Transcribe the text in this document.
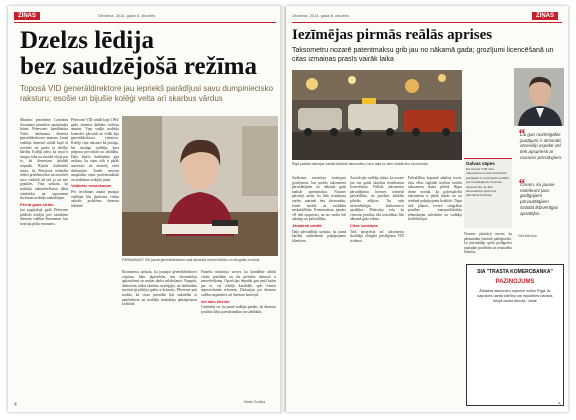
ZIŅAS	Otrdiena, 2014. gada 8. oktobris
Dzelzs lēdija
bez saudzējošā režīma
Toposā VID ģenerāldirektore jau iepriekš parādījusi savu dumpiniecisko raksturu; esošie un bijušie kolēģi velta arī skarbus vārdus

Ministru prezidente Laimdota Straujuma pirmdien apstiprināja Ināras Pētersones kandidatūru Valsts ieņēmumu dienesta ģenerāldirektores amatam. Jaunā vadītāja dienestā strādā kopš tā izveides un pazīst tā iekšējo kārtību. Kolēģi atzīst, ka viņai ir stingra roka un skaidra vīzija par to, kā dienestam jāstrādā turpmāk. Bijušie darbinieki stāsta, ka Pētersone nebaidās iebilst priekšniecībai un aizstāvēt savu viedokli arī tad, ja tas nav populārs. Viņa uzskata, ka nodokļu administrēšanai jābūt vienkāršai un saprotamai ikvienam nodokļu maksātājam.

Pērnā gada strīds

Jau pagājušajā gadā Pētersone publiski iestājās pret vairākiem dienesta vadības lēmumiem, kas izraisīja plašu rezonansi.

Pētersone VID strādā kopš 1994. gada, ieņemot dažādus vadošus amatus. Viņa vadīja nodokļu kontroles pārvaldi un vēlāk bija ģenerāldirektora vietniece. Kolēģi viņu raksturo kā prasīgu, bet taisnīgu vadītāju, kura pieprasa precizitāti un atbildību. Daļa bijušo darbinieku gan uzskata, ka viņas stils ir pārāk autoritārs un neatstāj vietu diskusijām. Tomēr neviens neapšauba viņas profesionalitāti un zināšanas nodokļu jomā.

Valdošie nesaskaņas

Pēc iecelšanas amatā jaunajai vadītājai būs jāatrisina virkne uzkrāto problēmu dienesta iekšienē.

PĀRMAIŅAS? VID jaunā ģenerāldirektore sola dienestā ieviest kārtību un stingrāku kontroli.

Ekonomists uzskata, ka jaunajai ģenerāldirektorei vispirms būtu jāpievēršas ēnu ekonomikas apkarošanai un muitas darba uzlabošanai. Viņaprāt, dienestam trūkst skaidras stratēģijas, un darbinieku motivācija pēdējos gados ir kritusies. Pētersone pati norāda, ka viņas prioritāte būs sadarbība ar uzņēmējiem un nodokļu maksātāju apkalpošanas kvalitāte.

Finanšu ministrija uzsver, ka kandidāte atbilst visām prasībām un tās pieredze dienestā ir nenovērtējama. Opozīcijas deputāti gan pauž bažas par to, vai iekšējs kandidāts spēs īstenot nepieciešamās reformas. Diskusijas par dienesta vadību turpināsies arī Saeimas komisijā.

Arī labs klients

Uzņēmēji cer, ka jaunā vadītāja panāks, lai dienesta prasības kļūst paredzamākas un stabilākas.

Marta Ozoliņa
4
Otrdiena, 2014. gada 8. oktobris	ZIŅAS
Iezīmējas pirmās reālās aprises
Taksometru nozarē patentmaksu grib jau no nākamā gada; grozījumi licencēšanā un citas izmaiņas prasīs vairāk laika
Rīgā pašlaik darbojas vairāki tūkstoši taksometru, taču daļa no tiem strādā ēnu ekonomikā.

Satiksmes ministrija iesniegusi grozījumus, kas paredz taksometru pārvadātājiem no nākamā gada maksāt patentmaksu. Nozares pārstāvji atzīst, ka šāds risinājums varētu mazināt ēnu ekonomiku, tomēr norāda uz vairākām neskaidrībām. Patentmaksas apmērs vēl tiek apspriests, un tas varētu būt atkarīgs no pašvaldības.

Jāmaksā vairāk

Daļa pārvadātāju uzskata, ka jaunā kārtība sadārdzinās pakalpojumu klientiem.

Asociācijas vadītājs stāsta, ka nozare jau sen gaida skaidrus noteikumus licencēšanai. Pašlaik taksometru pārvadājumu licences izsniedz pašvaldības, un prasības dažādās pilsētās atšķiras. Tas rada nevienlīdzīgus konkurences apstākļus. Ministrija sola, ka vienotas prasības tiks izstrādātas līdz nākamā gada vidum.

Citas izmaiņas

Tiek apspriesta arī taksometru skaitītāju obligāta pieslēgšana VID sistēmai.

Pašvaldības kopumā atbalsta ieceri, taču vēlas saglabāt tiesības noteikt taksometru skaitu pilsētā. Rīgas dome norāda, ka galvaspilsētā taksometru ir pārāk daudz un tas ietekmē pakalpojuma kvalitāti. Tāpat tiek plānots ieviest stingrākas prasības transportlīdzekļu tehniskajam stāvoklim un vadītāju kvalifikācijai.

Galvas sāpes
Kā liecina VID dati, taksometru nozarē deklarētie ienākumi ir ievērojami zemāki par faktiskajiem. Nozares eksperti lēš, ka ēnu ekonomikas īpatsvars pārsniedz trešdaļu.
“
Lai gan nozīmīgākie jautājumi ir atrisināti, atsevišķi aspekti vēl tiek apspriesti ar nozares pārstāvjiem.
“
Ceram, ka jaunie noteikumi ļaus godīgajiem pārvadātājiem strādāt līdzvērtīgos apstākļos.

Nozares pārstāvji uzsver, ka pārmaiņām jānotiek pakāpeniski, lai pārvadātāji spētu pielāgoties jaunajām prasībām un nezaudētu klientus.

Gita Bērziņa
SIA "TRASTA KOMERCBANKA"
PAZIŅOJUMS
Ārkārtas akcionāru sapulce notiks Rīgā. Ar sapulces darba kārtību var iepazīties bankas birojā darba dienās. Valde
5
